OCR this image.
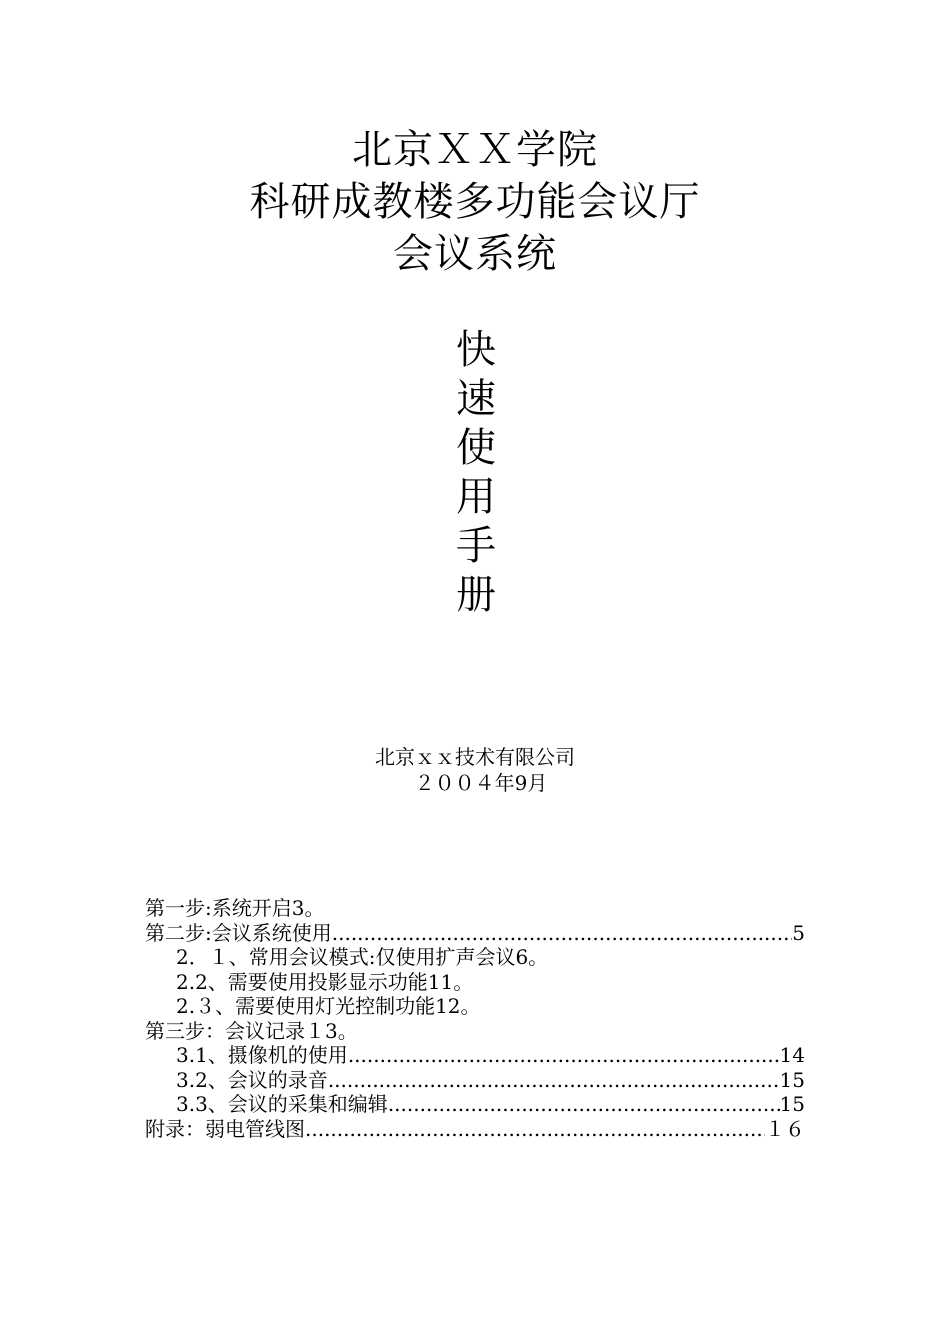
北京ＸＸ学院
科研成教楼多功能会议厅
会议系统
快
速
使
用
手
册
北京ｘｘ技术有限公司
２００４年9月
第一步:系统开启3。
第二步:会议系统使用 .....	5
2．１、常用会议模式:仅使用扩声会议6。
2.2、需要使用投影显示功能11。
2.３、需要使用灯光控制功能12。
第三步：会议记录１3。
3.1、摄像机的使用 .....	14
3.2、会议的录音 .....	15
3.3、会议的采集和编辑 .....	15
附录：弱电管线图 .....	１６
